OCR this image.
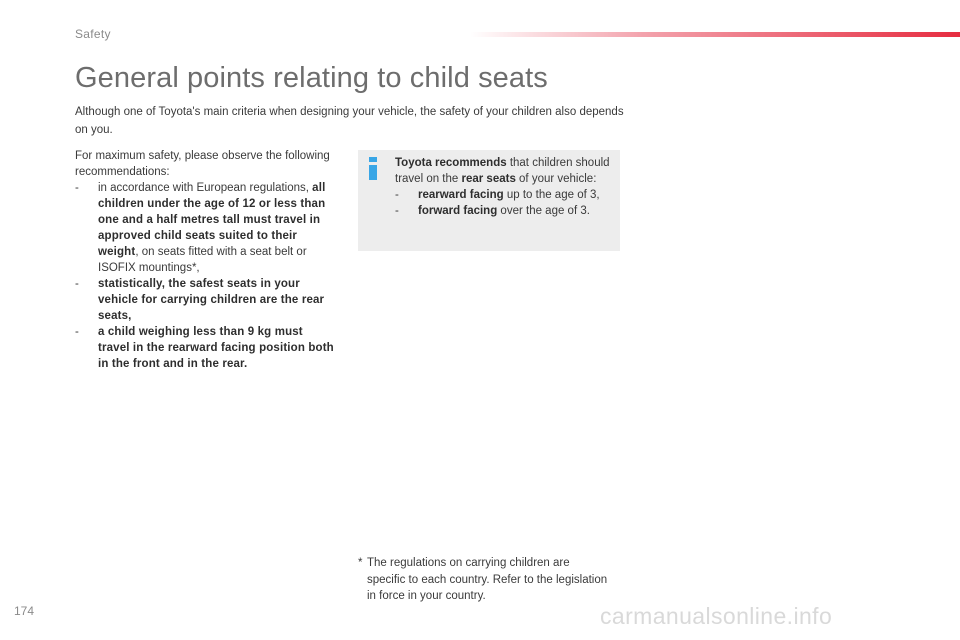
Safety
General points relating to child seats

Although one of Toyota's main criteria when designing your vehicle, the safety of your children also depends on you.

For maximum safety, please observe the following recommendations:

- in accordance with European regulations, all children under the age of 12 or less than one and a half metres tall must travel in approved child seats suited to their weight, on seats fitted with a seat belt or ISOFIX mountings*,
- statistically, the safest seats in your vehicle for carrying children are the rear seats,
- a child weighing less than 9 kg must travel in the rearward facing position both in the front and in the rear.

Toyota recommends that children should travel on the rear seats of your vehicle:

- rearward facing up to the age of 3,
- forward facing over the age of 3.
* The regulations on carrying children are specific to each country. Refer to the legislation in force in your country.
174	carmanualsonline.info
